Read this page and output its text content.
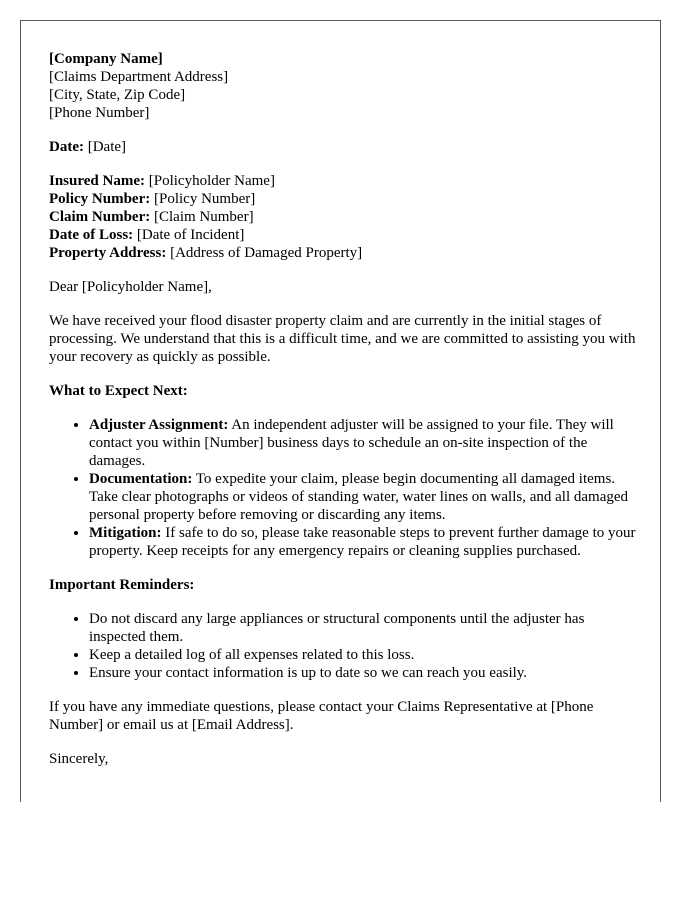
[Company Name]
[Claims Department Address]
[City, State, Zip Code]
[Phone Number]

Date: [Date]

Insured Name: [Policyholder Name]
Policy Number: [Policy Number]
Claim Number: [Claim Number]
Date of Loss: [Date of Incident]
Property Address: [Address of Damaged Property]

Dear [Policyholder Name],

We have received your flood disaster property claim and are currently in the initial stages of processing. We understand that this is a difficult time, and we are committed to assisting you with your recovery as quickly as possible.

What to Expect Next:

• Adjuster Assignment: An independent adjuster will be assigned to your file. They will contact you within [Number] business days to schedule an on-site inspection of the damages.
• Documentation: To expedite your claim, please begin documenting all damaged items. Take clear photographs or videos of standing water, water lines on walls, and all damaged personal property before removing or discarding any items.
• Mitigation: If safe to do so, please take reasonable steps to prevent further damage to your property. Keep receipts for any emergency repairs or cleaning supplies purchased.

Important Reminders:

• Do not discard any large appliances or structural components until the adjuster has inspected them.
• Keep a detailed log of all expenses related to this loss.
• Ensure your contact information is up to date so we can reach you easily.

If you have any immediate questions, please contact your Claims Representative at [Phone Number] or email us at [Email Address].

Sincerely,
